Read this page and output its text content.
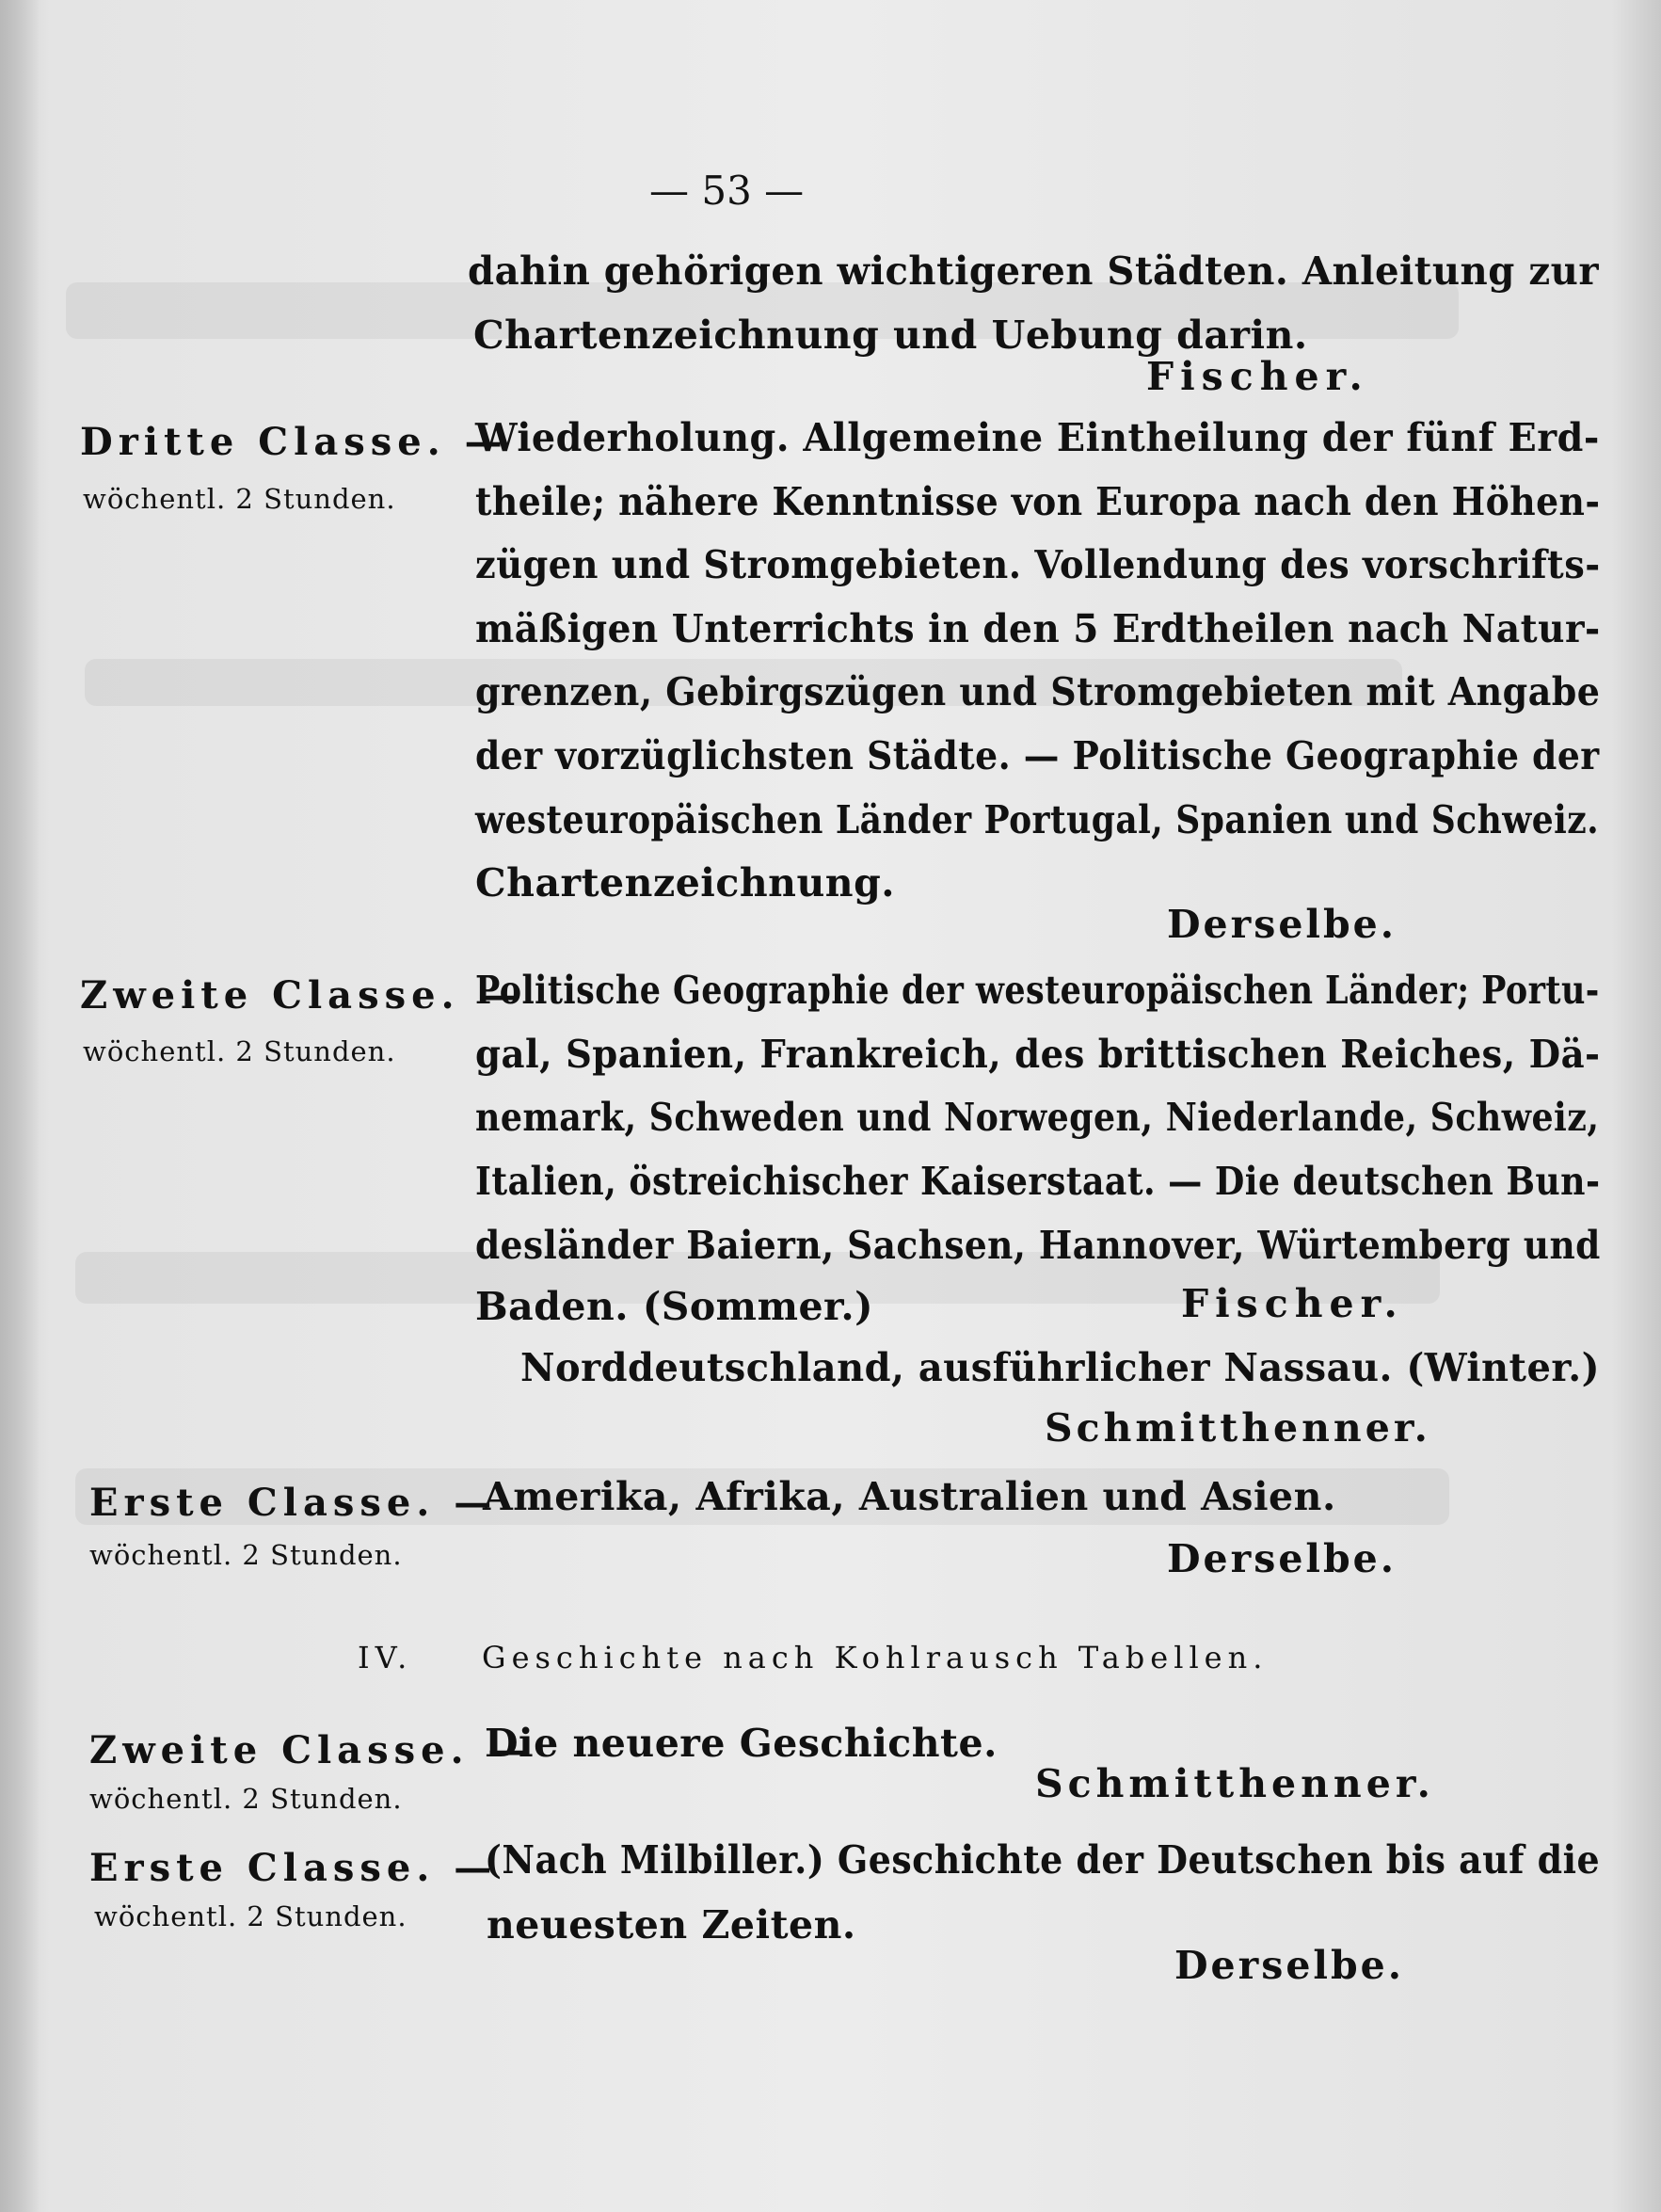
— 53 —
dahin gehörigen wichtigeren Städten. Anleitung zur
Chartenzeichnung und Uebung darin.
Fischer.
Dritte Classe. —
wöchentl. 2 Stunden.
Wiederholung. Allgemeine Eintheilung der fünf Erd-
theile; nähere Kenntnisse von Europa nach den Höhen-
zügen und Stromgebieten. Vollendung des vorschrifts-
mäßigen Unterrichts in den 5 Erdtheilen nach Natur-
grenzen, Gebirgszügen und Stromgebieten mit Angabe
der vorzüglichsten Städte. — Politische Geographie der
westeuropäischen Länder Portugal, Spanien und Schweiz.
Chartenzeichnung.
Derselbe.
Zweite Classe. —
wöchentl. 2 Stunden.
Politische Geographie der westeuropäischen Länder; Portu-
gal, Spanien, Frankreich, des brittischen Reiches, Dä-
nemark, Schweden und Norwegen, Niederlande, Schweiz,
Italien, östreichischer Kaiserstaat. — Die deutschen Bun-
desländer Baiern, Sachsen, Hannover, Würtemberg und
Baden. (Sommer.)	Fischer.
Norddeutschland, ausführlicher Nassau. (Winter.)
Schmitthenner.
Erste Classe. —
wöchentl. 2 Stunden.
Amerika, Afrika, Australien und Asien.
Derselbe.
IV. Geschichte nach Kohlrausch Tabellen.
Zweite Classe. —
wöchentl. 2 Stunden.
Die neuere Geschichte.
Schmitthenner.
Erste Classe. —
wöchentl. 2 Stunden.
(Nach Milbiller.) Geschichte der Deutschen bis auf die
neuesten Zeiten.
Derselbe.
